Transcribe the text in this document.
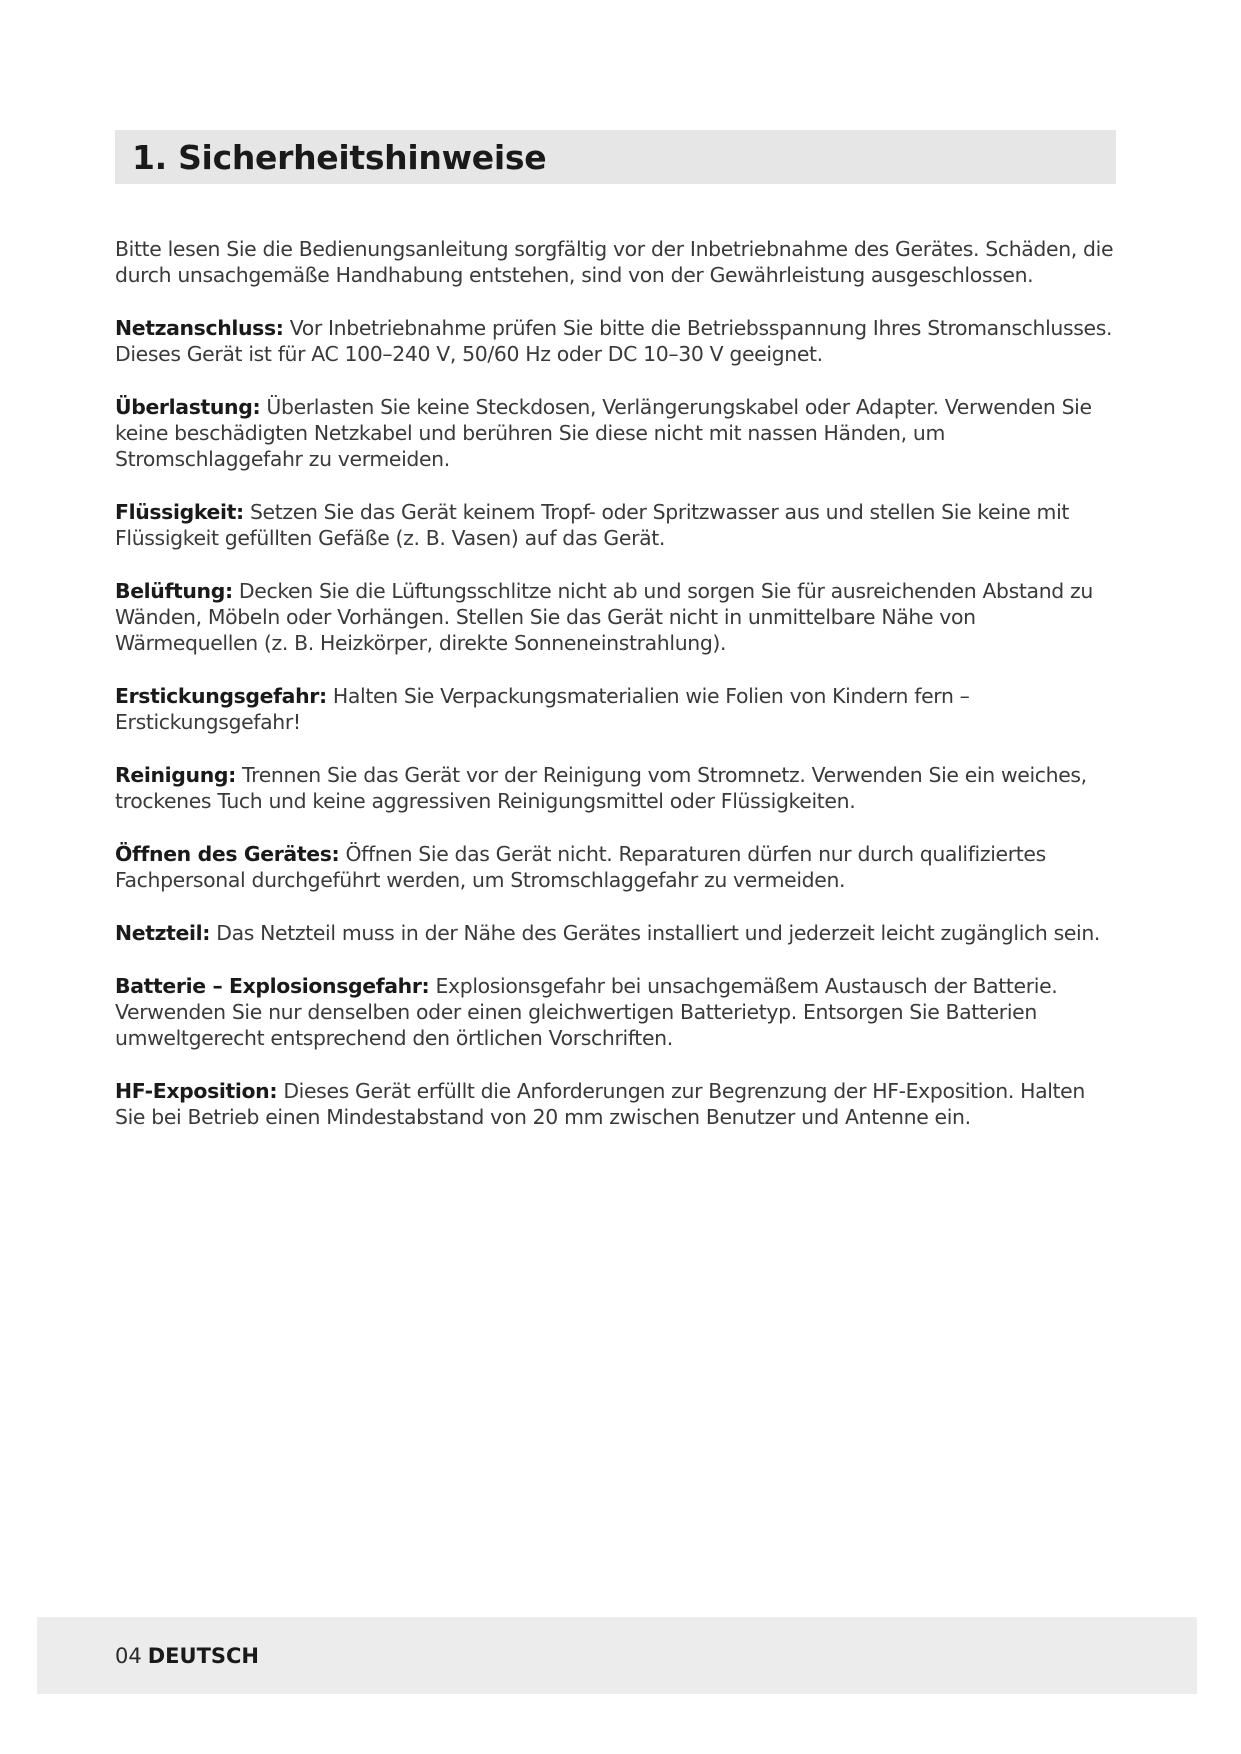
1. Sicherheitshinweise

Bitte lesen Sie die Bedienungsanleitung sorgfältig vor der Inbetriebnahme des Gerätes. Schäden, die durch unsachgemäße Handhabung entstehen, sind von der Gewährleistung ausgeschlossen.

Netzanschluss: Vor Inbetriebnahme prüfen Sie bitte die Betriebsspannung Ihres Stromanschlusses. Dieses Gerät ist für AC 100–240 V, 50/60 Hz oder DC 10–30 V geeignet.

Überlastung: Überlasten Sie keine Steckdosen, Verlängerungskabel oder Adapter. Verwenden Sie keine beschädigten Netzkabel und berühren Sie diese nicht mit nassen Händen, um Stromschlaggefahr zu vermeiden.

Flüssigkeit: Setzen Sie das Gerät keinem Tropf- oder Spritzwasser aus und stellen Sie keine mit Flüssigkeit gefüllten Gefäße (z. B. Vasen) auf das Gerät.

Belüftung: Decken Sie die Lüftungsschlitze nicht ab und sorgen Sie für ausreichenden Abstand zu Wänden, Möbeln oder Vorhängen. Stellen Sie das Gerät nicht in unmittelbare Nähe von Wärmequellen (z. B. Heizkörper, direkte Sonneneinstrahlung).

Erstickungsgefahr: Halten Sie Verpackungsmaterialien wie Folien von Kindern fern – Erstickungsgefahr!

Reinigung: Trennen Sie das Gerät vor der Reinigung vom Stromnetz. Verwenden Sie ein weiches, trockenes Tuch und keine aggressiven Reinigungsmittel oder Flüssigkeiten.

Öffnen des Gerätes: Öffnen Sie das Gerät nicht. Reparaturen dürfen nur durch qualifiziertes Fachpersonal durchgeführt werden, um Stromschlaggefahr zu vermeiden.

Netzteil: Das Netzteil muss in der Nähe des Gerätes installiert und jederzeit leicht zugänglich sein.

Batterie – Explosionsgefahr: Explosionsgefahr bei unsachgemäßem Austausch der Batterie. Verwenden Sie nur denselben oder einen gleichwertigen Batterietyp. Entsorgen Sie Batterien umweltgerecht entsprechend den örtlichen Vorschriften.

HF-Exposition: Dieses Gerät erfüllt die Anforderungen zur Begrenzung der HF-Exposition. Halten Sie bei Betrieb einen Mindestabstand von 20 mm zwischen Benutzer und Antenne ein.

04 DEUTSCH
